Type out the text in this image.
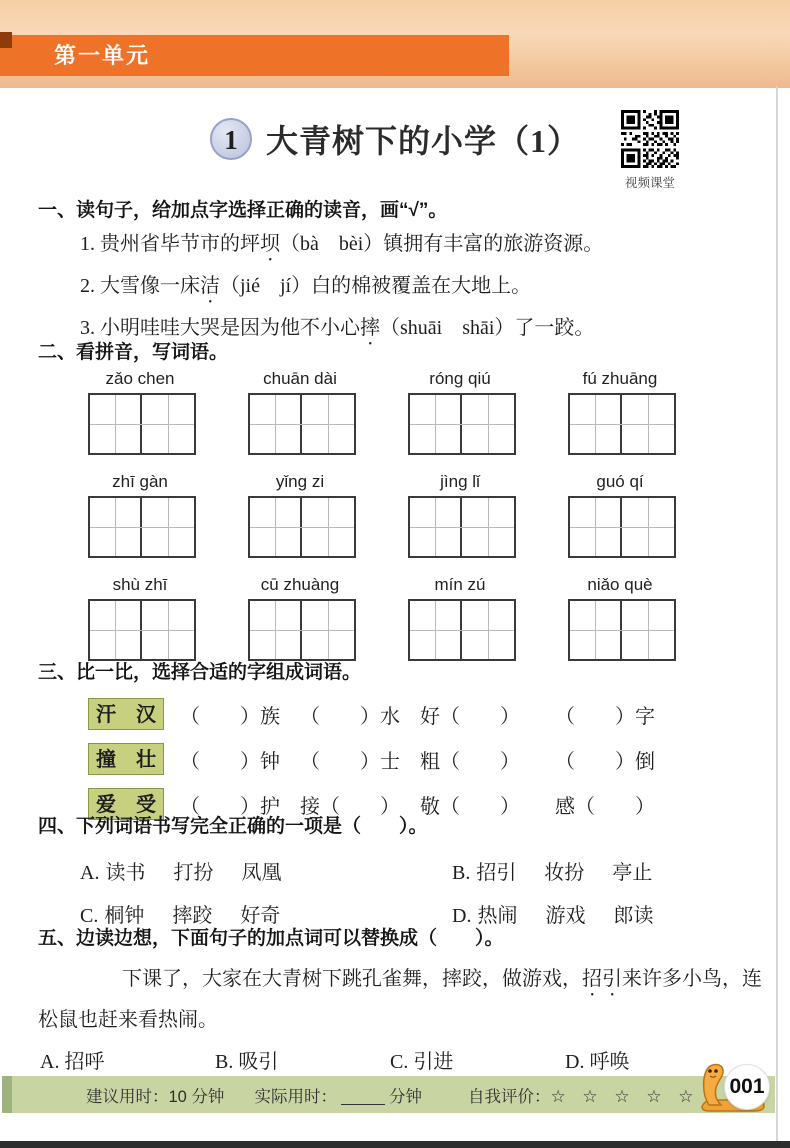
第一单元
1 大青树下的小学（1）
视频课堂
一、读句子，给加点字选择正确的读音，画“√”。
1. 贵州省毕节市的坪坝（bà　bèi）镇拥有丰富的旅游资源。
2. 大雪像一床洁（jié　jí）白的棉被覆盖在大地上。
3. 小明哇哇大哭是因为他不小心摔（shuāi　shāi）了一跤。
二、看拼音，写词语。
zǎo chen	chuān dài	róng qiú	fú zhuāng
zhī gàn	yǐng zi	jìng lǐ	guó qí
shù zhī	cū zhuàng	mín zú	niǎo què
三、比一比，选择合适的字组成词语。
汗　汉	（　　）族	（　　）水	好（　　）	（　　）字
撞　壮	（　　）钟	（　　）士	粗（　　）	（　　）倒
爱　受	（　　）护	接（　　）	敬（　　）	感（　　）
四、下列词语书写完全正确的一项是（　　）。
A. 读书 打扮 凤凰	B. 招引 妆扮 亭止
C. 桐钟 摔跤 好奇	D. 热闹 游戏 郎读
五、边读边想，下面句子的加点词可以替换成（　　）。

下课了，大家在大青树下跳孔雀舞，摔跤，做游戏，招引来许多小鸟，连松鼠也赶来看热闹。

A. 招呼	B. 吸引	C. 引进	D. 呼唤
建议用时：10 分钟 实际用时：	分钟	自我评价：☆ ☆ ☆ ☆ ☆ 001
